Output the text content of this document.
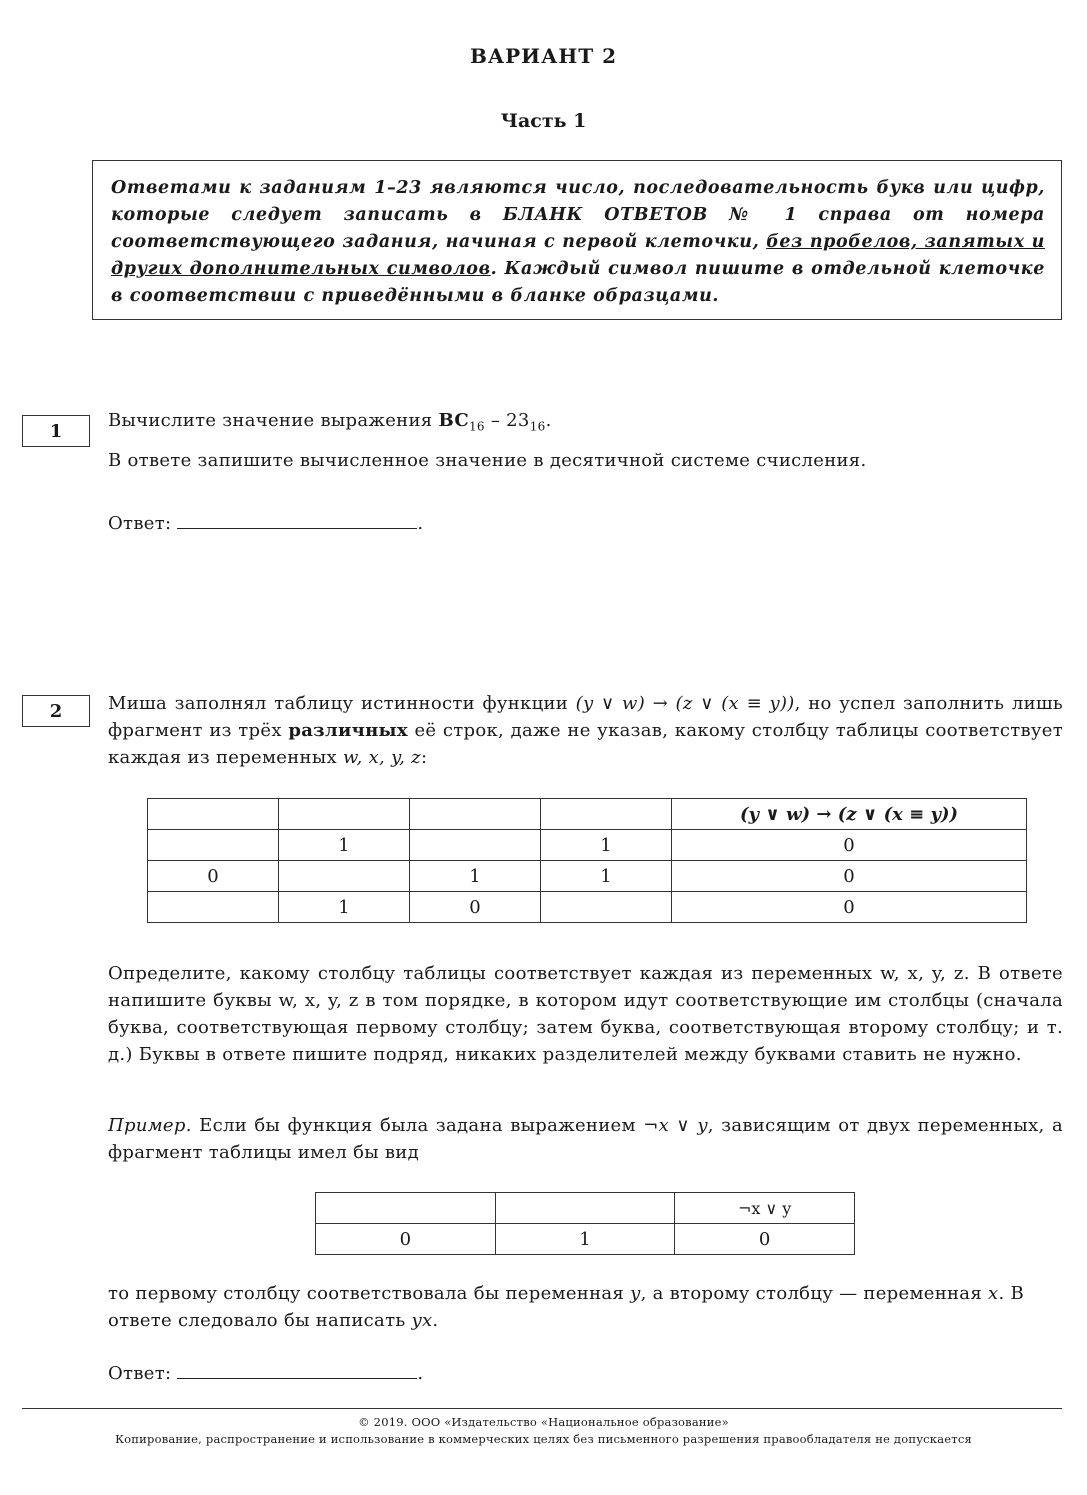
ВАРИАНТ 2
Часть 1
Ответами к заданиям 1–23 являются число, последовательность букв или цифр, которые следует записать в БЛАНК ОТВЕТОВ № 1 справа от номера соответствующего задания, начиная с первой клеточки, без пробелов, запятых и других дополнительных символов. Каждый символ пишите в отдельной клеточке в соответствии с приведёнными в бланке образцами.
1	Вычислите значение выражения $BC_{16} - 23_{16}$.
В ответе запишите вычисленное значение в десятичной системе счисления.
Ответ:	.
2	Миша заполнял таблицу истинности функции (y ∨ w) → (z ∨ (x ≡ y)), но успел заполнить лишь фрагмент из трёх различных её строк, даже не указав, какому столбцу таблицы соответствует каждая из переменных w, x, y, z:
				(y ∨ w) → (z ∨ (x ≡ y))
	1		1	0
0		1	1	0
	1	0		0
Определите, какому столбцу таблицы соответствует каждая из переменных w, x, y, z. В ответе напишите буквы w, x, y, z в том порядке, в котором идут соответствующие им столбцы (сначала буква, соответствующая первому столбцу; затем буква, соответствующая второму столбцу; и т. д.) Буквы в ответе пишите подряд, никаких разделителей между буквами ставить не нужно.
Пример. Если бы функция была задана выражением ¬x ∨ y, зависящим от двух переменных, а фрагмент таблицы имел бы вид
		¬x ∨ y
0	1	0
то первому столбцу соответствовала бы переменная y, а второму столбцу — переменная x. В ответе следовало бы написать yx.
Ответ:	.
© 2019. ООО «Издательство «Национальное образование»
Копирование, распространение и использование в коммерческих целях без письменного разрешения правообладателя не допускается
